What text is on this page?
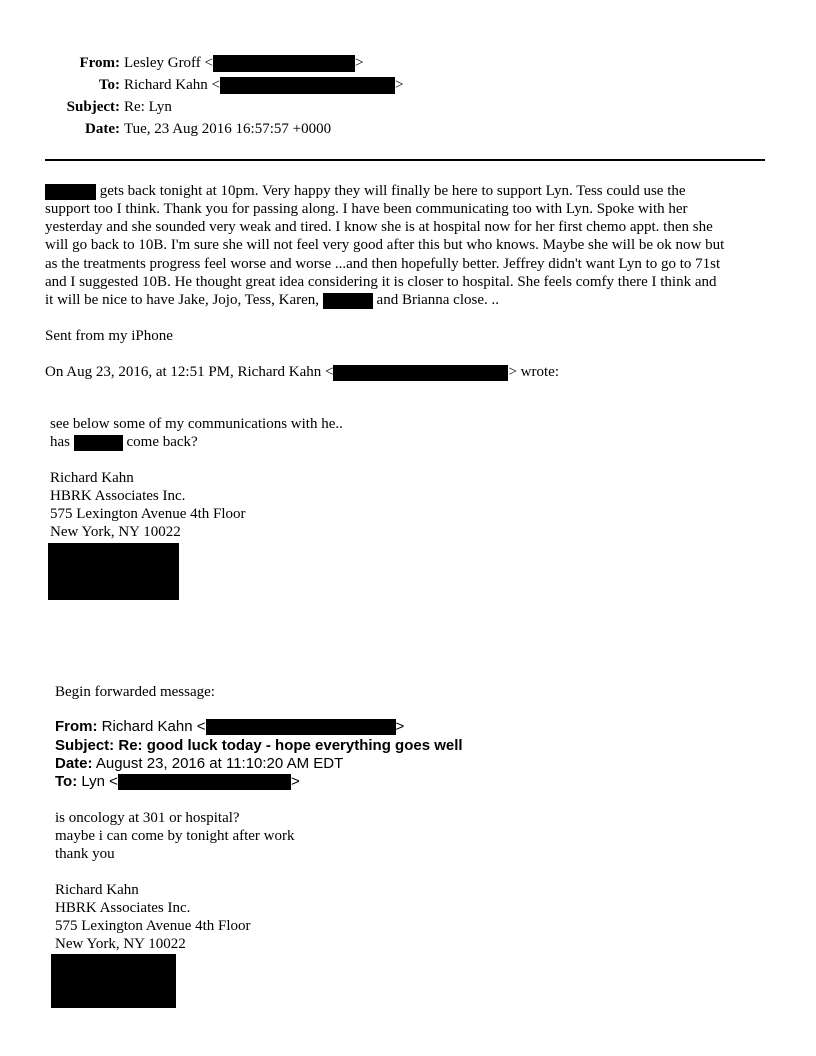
From: Lesley Groff <	>
To: Richard Kahn <	>
Subject: Re: Lyn
Date: Tue, 23 Aug 2016 16:57:57 +0000
gets back tonight at 10pm. Very happy they will finally be here to support Lyn. Tess could use the
support too I think. Thank you for passing along. I have been communicating too with Lyn. Spoke with her
yesterday and she sounded very weak and tired. I know she is at hospital now for her first chemo appt. then she
will go back to 10B. I'm sure she will not feel very good after this but who knows. Maybe she will be ok now but
as the treatments progress feel worse and worse ...and then hopefully better. Jeffrey didn't want Lyn to go to 71st
and I suggested 10B. He thought great idea considering it is closer to hospital. She feels comfy there I think and
it will be nice to have Jake, Jojo, Tess, Karen,	and Brianna close. ..
Sent from my iPhone
On Aug 23, 2016, at 12:51 PM, Richard Kahn <	> wrote:
see below some of my communications with he..
has	come back?
Richard Kahn
HBRK Associates Inc.
575 Lexington Avenue 4th Floor
New York, NY 10022
Begin forwarded message:
From: Richard Kahn <	>
Subject: Re: good luck today - hope everything goes well
Date: August 23, 2016 at 11:10:20 AM EDT
To: Lyn <	>
is oncology at 301 or hospital?
maybe i can come by tonight after work
thank you
Richard Kahn
HBRK Associates Inc.
575 Lexington Avenue 4th Floor
New York, NY 10022
